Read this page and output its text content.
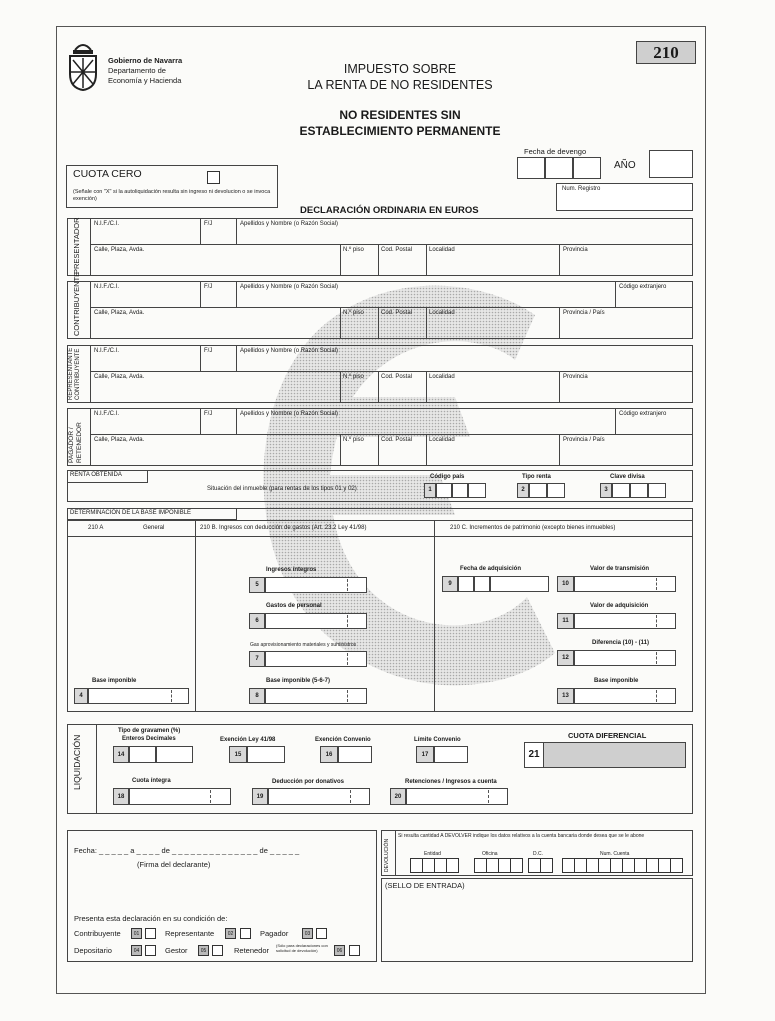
Gobierno de Navarra
Departamento de
Economía y Hacienda
IMPUESTO SOBRE
LA RENTA DE NO RESIDENTES
NO RESIDENTES SIN
ESTABLECIMIENTO PERMANENTE
210
Fecha de devengo
AÑO
Num. Registro
CUOTA CERO
(Señale con "X" si la autoliquidación resulta sin ingreso ni devolucion o se invoca exención)
DECLARACIÓN ORDINARIA EN EUROS
PRESENTADOR N.I.F./C.I.	F/J	Apellidos y Nombre (o Razón Social)
Calle, Plaza, Avda.	N.º piso	Cod. Postal	Localidad	Provincia
CONTRIBUYENTE N.I.F./C.I.	F/J	Apellidos y Nombre (o Razón Social)	Código extranjero
Calle, Plaza, Avda.	N.º piso	Cod. Postal	Localidad	Provincia / País
REPRESENTANTE CONTRIBUYENTE N.I.F./C.I.	F/J	Apellidos y Nombre (o Razón Social)
Calle, Plaza, Avda.	N.º piso	Cod. Postal	Localidad	Provincia
PAGADOR / RETENEDOR
N.I.F./C.I.	F/J	Apellidos y Nombre (o Razón Social)	Código extranjero
Calle, Plaza, Avda.	N.º piso	Cod. Postal	Localidad	Provincia / País
RENTA OBTENIDA
Situación del inmueble (para rentas de los tipos 01 y 02)
Código país
1
Tipo renta
2
Clave divisa
3
DETERMINACIÓN DE LA BASE IMPONIBLE
210 A	General	210 B. Ingresos con deducción de gastos (Art. 23.2 Ley 41/98)	210 C. Incrementos de patrimonio (excepto bienes inmuebles)
Base imponible
4
Ingresos íntegros
5
Gastos de personal
6
Gas aprovisionamiento materiales y suministros
7
Base imponible (5-6-7)
8
Fecha de adquisición
9
Valor de transmisión
10
Valor de adquisición
11
Diferencia (10) - (11)
12
Base imponible
13
LIQUIDACIÓN
Tipo de gravamen (%)
Enteros Decimales
14
Exención Ley 41/98
15
Exención Convenio
16
Límite Convenio
17
CUOTA DIFERENCIAL
21
Cuota íntegra
18
Deducción por donativos
19
Retenciones / Ingresos a cuenta
20
Fecha: _ _ _ _ _ a _ _ _ _ de _ _ _ _ _ _ _ _ _ _ _ _ _ _ de _ _ _ _ _
(Firma del declarante)
Presenta esta declaración en su condición de:
Contribuyente	01	Representante	02	Pagador	03
Depositario	04	Gestor	05	Retenedor
(Sólo para declaraciones con solicitud de devolución)	06
DEVOLUCIÓN
Si resulta cantidad A DEVOLVER indique los datos relativos a la cuenta bancaria donde desea que se le abone
Entidad	Oficina	D.C.	Num. Cuenta
(SELLO DE ENTRADA)
